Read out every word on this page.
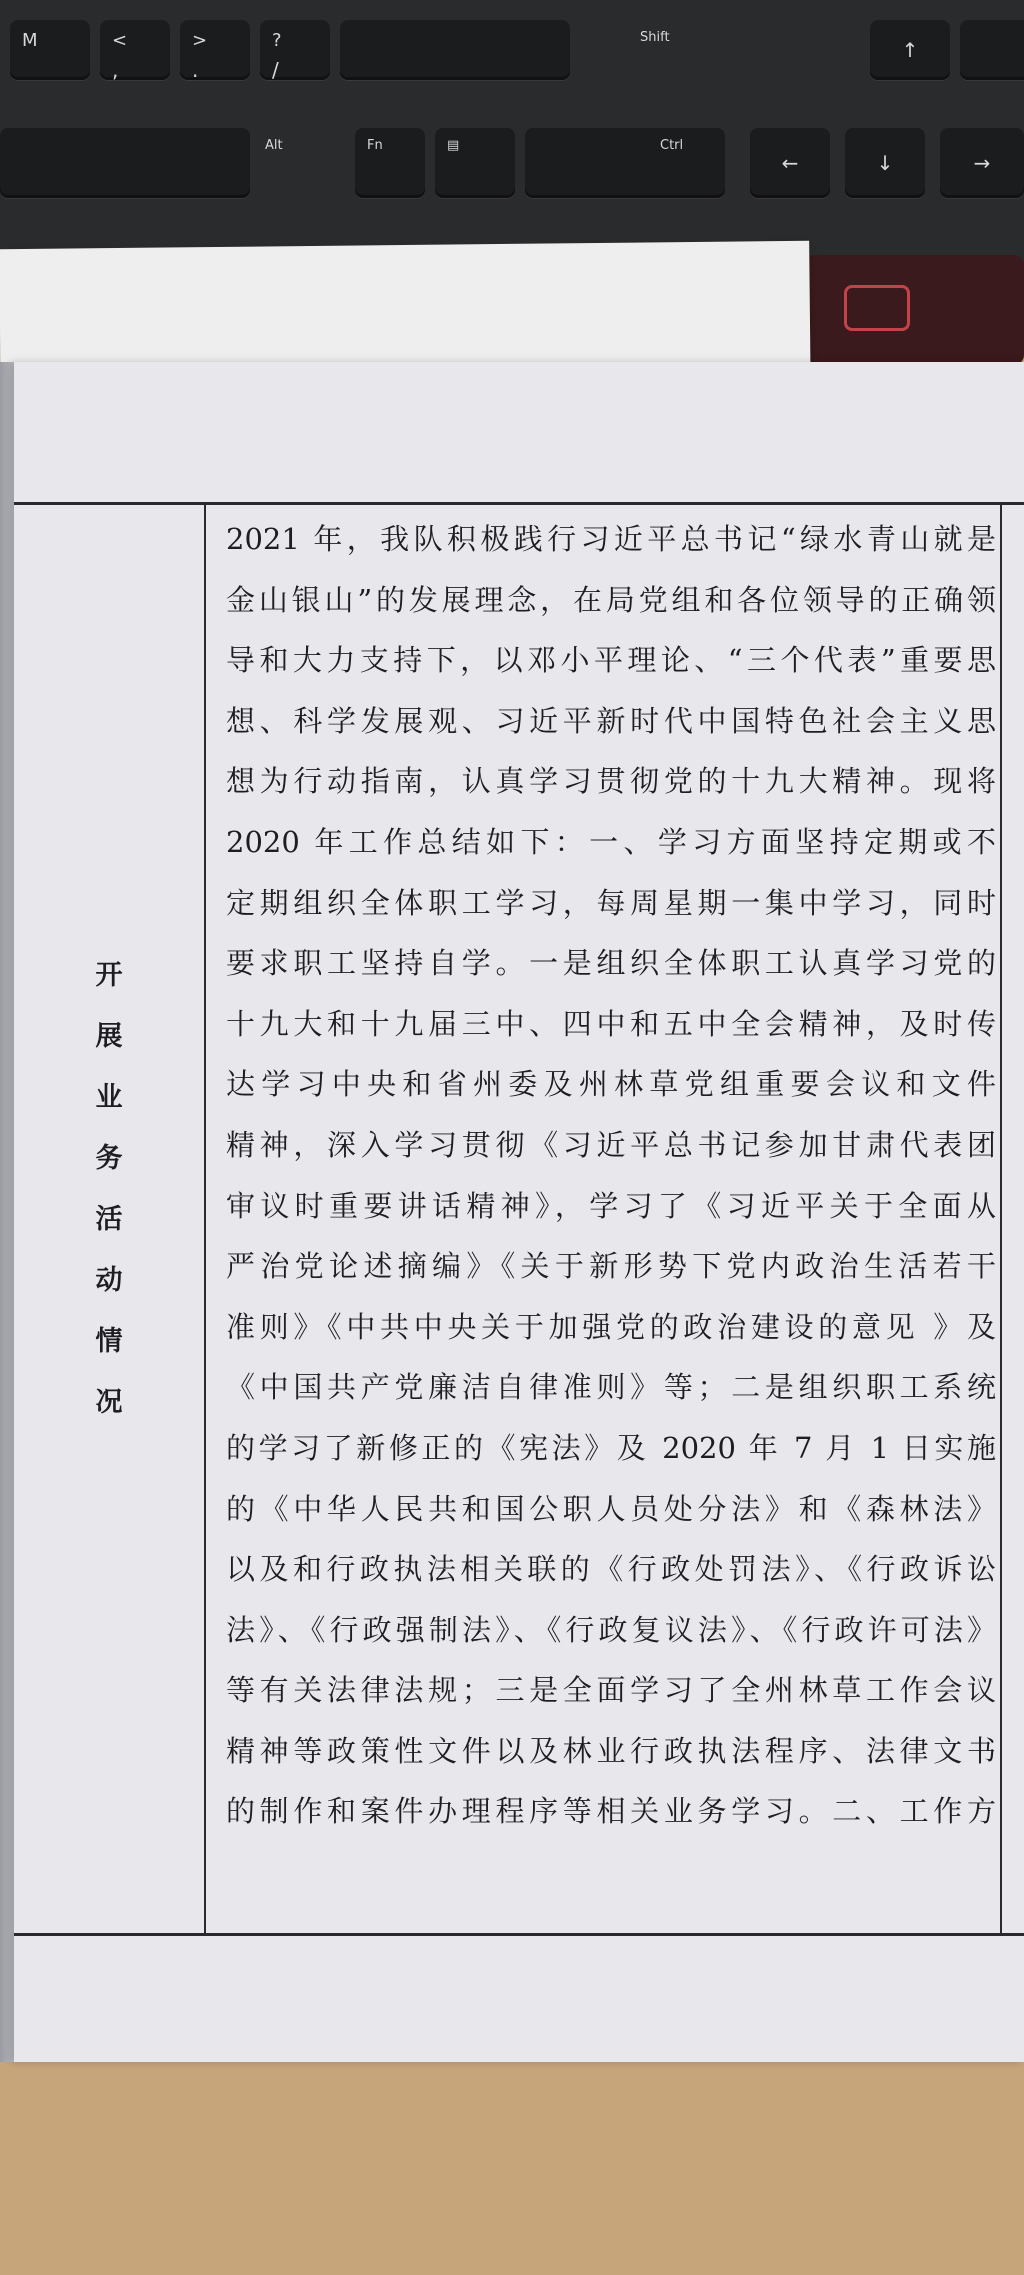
M	<
,
>
.
?
/
Shift
↑
Alt	Fn	▤	Ctrl
←	↓	→
开
展
业
务
活
动
情
况
2021 年，我队积极践行习近平总书记“绿水青山就是
金山银山”的发展理念，在局党组和各位领导的正确领
导和大力支持下，以邓小平理论、“三个代表”重要思
想、科学发展观、习近平新时代中国特色社会主义思
想为行动指南，认真学习贯彻党的十九大精神。现将
2020 年工作总结如下：一、学习方面坚持定期或不
定期组织全体职工学习，每周星期一集中学习，同时
要求职工坚持自学。一是组织全体职工认真学习党的
十九大和十九届三中、四中和五中全会精神，及时传
达学习中央和省州委及州林草党组重要会议和文件
精神，深入学习贯彻《习近平总书记参加甘肃代表团
审议时重要讲话精神》，学习了《习近平关于全面从
严治党论述摘编》《关于新形势下党内政治生活若干
准则》《中共中央关于加强党的政治建设的意见 》及
《中国共产党廉洁自律准则》等；二是组织职工系统
的学习了新修正的《宪法》及 2020 年 7 月 1 日实施
的《中华人民共和国公职人员处分法》和《森林法》
以及和行政执法相关联的《行政处罚法》、《行政诉讼
法》、《行政强制法》、《行政复议法》、《行政许可法》
等有关法律法规；三是全面学习了全州林草工作会议
精神等政策性文件以及林业行政执法程序、法律文书
的制作和案件办理程序等相关业务学习。二、工作方
